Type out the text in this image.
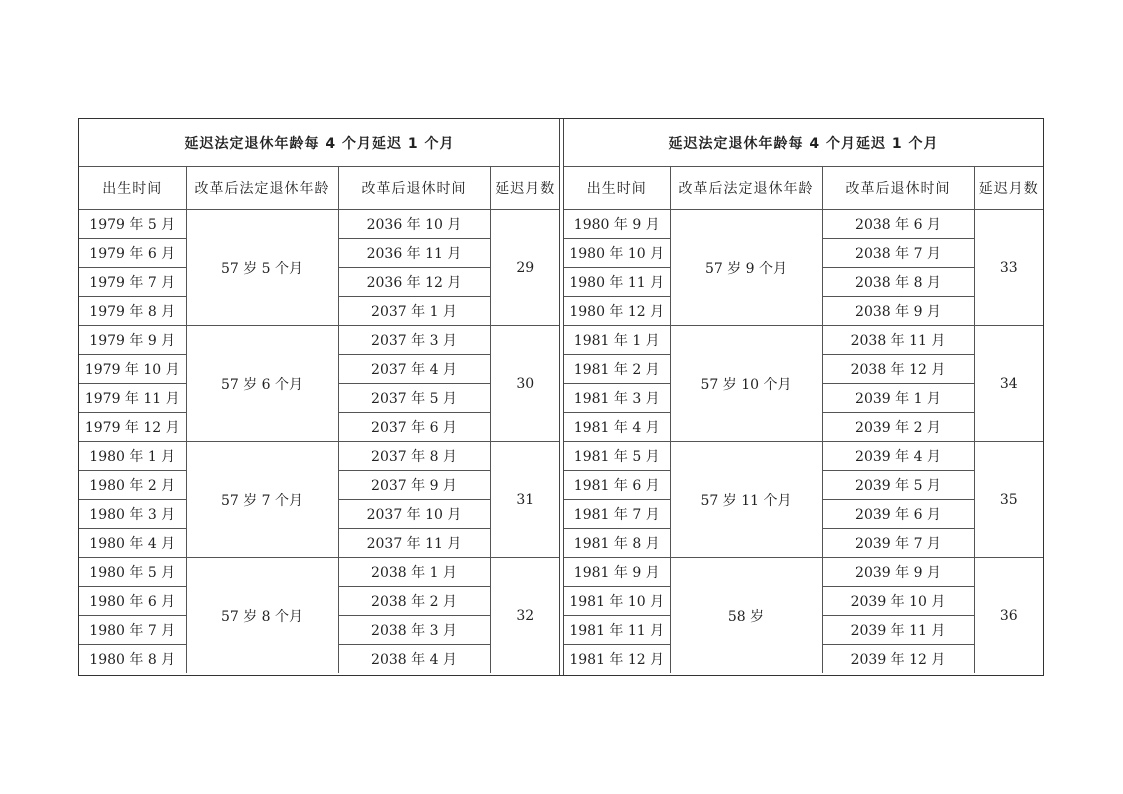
延迟法定退休年龄每 4 个月延迟 1 个月			
出生时间	改革后法定退休年龄	改革后退休时间	延迟月数
1979 年 5 月	57 岁 5 个月	2036 年 10 月	29
1979 年 6 月		2036 年 11 月	
1979 年 7 月		2036 年 12 月	
1979 年 8 月		2037 年 1 月	
1979 年 9 月	57 岁 6 个月	2037 年 3 月	30
1979 年 10 月		2037 年 4 月	
1979 年 11 月		2037 年 5 月	
1979 年 12 月		2037 年 6 月	
1980 年 1 月	57 岁 7 个月	2037 年 8 月	31
1980 年 2 月		2037 年 9 月	
1980 年 3 月		2037 年 10 月	
1980 年 4 月		2037 年 11 月	
1980 年 5 月	57 岁 8 个月	2038 年 1 月	32
1980 年 6 月		2038 年 2 月	
1980 年 7 月		2038 年 3 月	
1980 年 8 月		2038 年 4 月	
延迟法定退休年龄每 4 个月延迟 1 个月			
出生时间	改革后法定退休年龄	改革后退休时间	延迟月数
1980 年 9 月	57 岁 9 个月	2038 年 6 月	33
1980 年 10 月		2038 年 7 月	
1980 年 11 月		2038 年 8 月	
1980 年 12 月		2038 年 9 月	
1981 年 1 月	57 岁 10 个月	2038 年 11 月	34
1981 年 2 月		2038 年 12 月	
1981 年 3 月		2039 年 1 月	
1981 年 4 月		2039 年 2 月	
1981 年 5 月	57 岁 11 个月	2039 年 4 月	35
1981 年 6 月		2039 年 5 月	
1981 年 7 月		2039 年 6 月	
1981 年 8 月		2039 年 7 月	
1981 年 9 月	58 岁	2039 年 9 月	36
1981 年 10 月		2039 年 10 月	
1981 年 11 月		2039 年 11 月	
1981 年 12 月		2039 年 12 月	
